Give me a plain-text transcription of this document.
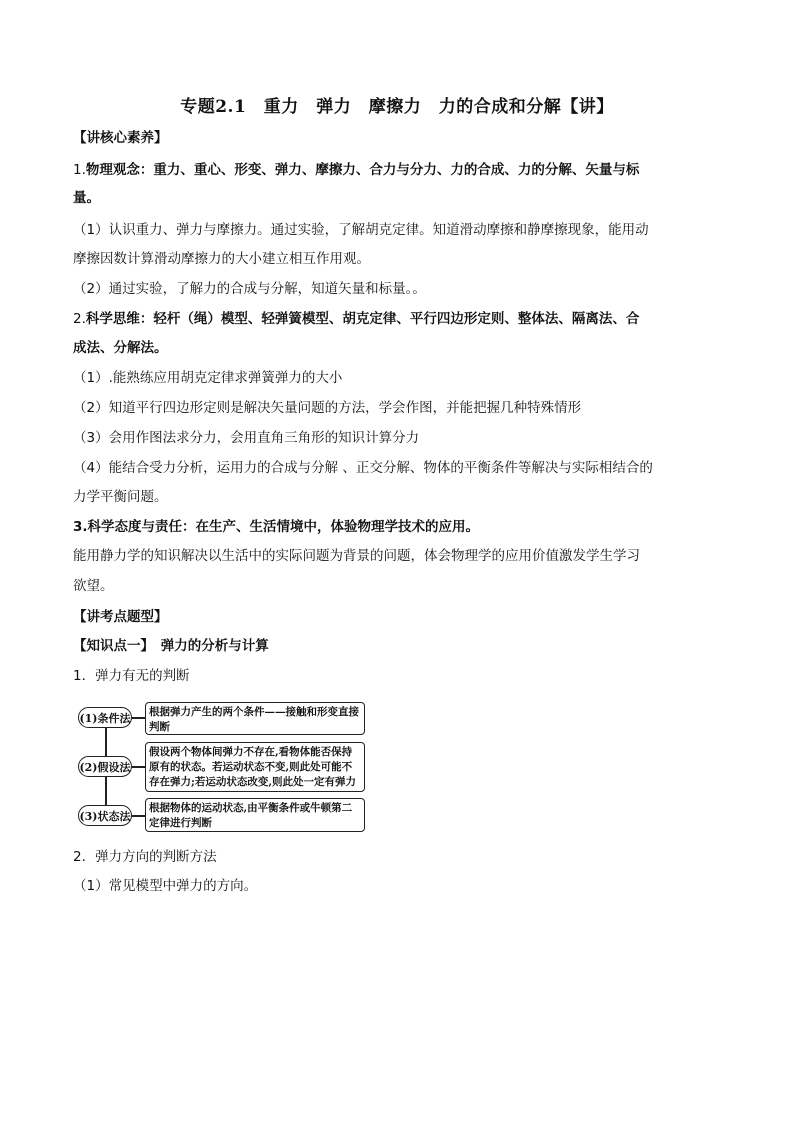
专题2.1　重力　弹力　摩擦力　力的合成和分解【讲】
【讲核心素养】
1.物理观念：重力、重心、形变、弹力、摩擦力、合力与分力、力的合成、力的分解、矢量与标
量。
（1）认识重力、弹力与摩擦力。通过实验，了解胡克定律。知道滑动摩擦和静摩擦现象，能用动
摩擦因数计算滑动摩擦力的大小建立相互作用观。
（2）通过实验，了解力的合成与分解，知道矢量和标量。。
2.科学思维：轻杆（绳）模型、轻弹簧模型、胡克定律、平行四边形定则、整体法、隔离法、合
成法、分解法。
（1）.能熟练应用胡克定律求弹簧弹力的大小
（2）知道平行四边形定则是解决矢量问题的方法，学会作图，并能把握几种特殊情形
（3）会用作图法求分力，会用直角三角形的知识计算分力
（4）能结合受力分析，运用力的合成与分解 、正交分解、物体的平衡条件等解决与实际相结合的
力学平衡问题。
3.科学态度与责任：在生产、生活情境中，体验物理学技术的应用。
能用静力学的知识解决以生活中的实际问题为背景的问题，体会物理学的应用价值激发学生学习
欲望。
【讲考点题型】
【知识点一】　弹力的分析与计算
1．弹力有无的判断
(1)条件法	根据弹力产生的两个条件——接触和形变直接判断
(2)假设法
假设两个物体间弹力不存在,看物体能否保持原有的状态。若运动状态不变,则此处可能不存在弹力;若运动状态改变,则此处一定有弹力
(3)状态法
根据物体的运动状态,由平衡条件或牛顿第二定律进行判断
2．弹力方向的判断方法
（1）常见模型中弹力的方向。
